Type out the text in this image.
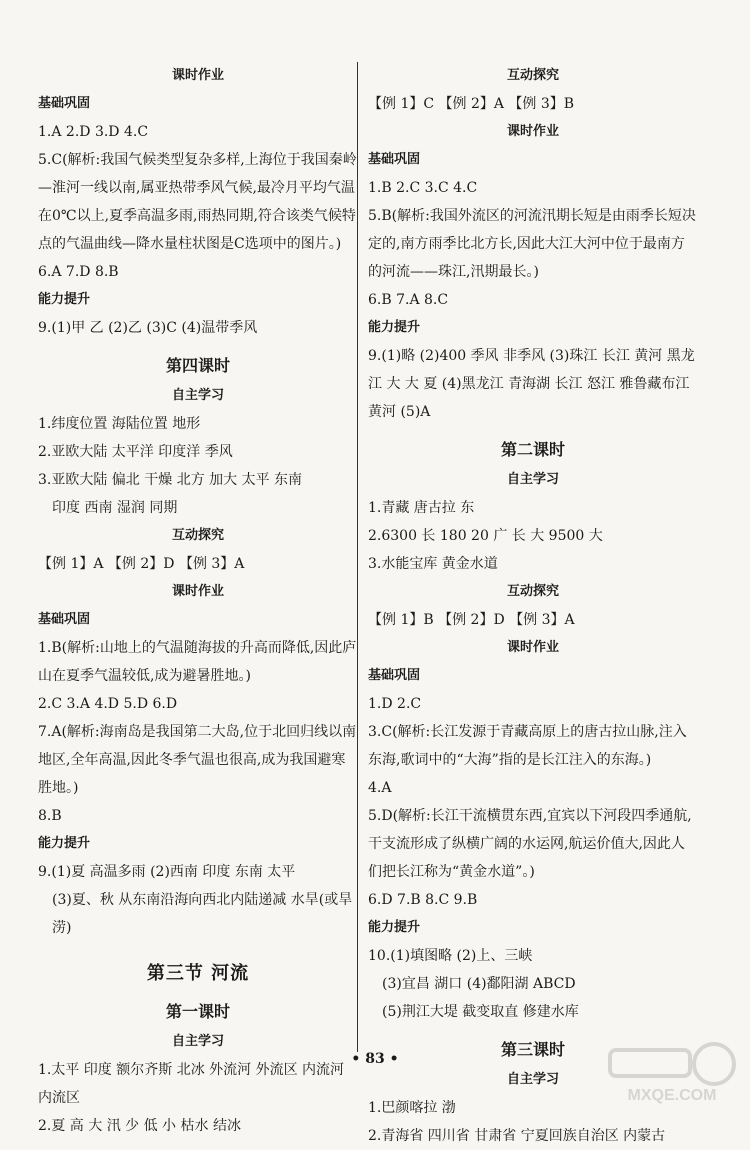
课时作业
基础巩固
1.A 2.D 3.D 4.C
5.C(解析:我国气候类型复杂多样,上海位于我国秦岭—淮河一线以南,属亚热带季风气候,最冷月平均气温在0℃以上,夏季高温多雨,雨热同期,符合该类气候特点的气温曲线—降水量柱状图是C选项中的图片。)
6.A 7.D 8.B
能力提升
9.(1)甲 乙 (2)乙 (3)C (4)温带季风
第四课时
自主学习
1.纬度位置 海陆位置 地形
2.亚欧大陆 太平洋 印度洋 季风
3.亚欧大陆 偏北 干燥 北方 加大 太平 东南
印度 西南 湿润 同期
互动探究
【例 1】A 【例 2】D 【例 3】A
课时作业
基础巩固
1.B(解析:山地上的气温随海拔的升高而降低,因此庐山在夏季气温较低,成为避暑胜地。)
2.C 3.A 4.D 5.D 6.D
7.A(解析:海南岛是我国第二大岛,位于北回归线以南地区,全年高温,因此冬季气温也很高,成为我国避寒胜地。)
8.B
能力提升
9.(1)夏 高温多雨 (2)西南 印度 东南 太平
(3)夏、秋 从东南沿海向西北内陆递减 水旱(或旱涝)
第三节 河流
第一课时
自主学习
1.太平 印度 额尔齐斯 北冰 外流河 外流区 内流河 内流区
2.夏 高 大 汛 少 低 小 枯水 结冰
互动探究
【例 1】C 【例 2】A 【例 3】B
课时作业
基础巩固
1.B 2.C 3.C 4.C
5.B(解析:我国外流区的河流汛期长短是由雨季长短决定的,南方雨季比北方长,因此大江大河中位于最南方的河流——珠江,汛期最长。)
6.B 7.A 8.C
能力提升
9.(1)略 (2)400 季风 非季风 (3)珠江 长江 黄河 黑龙江 大 大 夏 (4)黑龙江 青海湖 长江 怒江 雅鲁藏布江 黄河 (5)A
第二课时
自主学习
1.青藏 唐古拉 东
2.6300 长 180 20 广 长 大 9500 大
3.水能宝库 黄金水道
互动探究
【例 1】B 【例 2】D 【例 3】A
课时作业
基础巩固
1.D 2.C
3.C(解析:长江发源于青藏高原上的唐古拉山脉,注入东海,歌词中的“大海”指的是长江注入的东海。)
4.A
5.D(解析:长江干流横贯东西,宜宾以下河段四季通航,干支流形成了纵横广阔的水运网,航运价值大,因此人们把长江称为“黄金水道”。)
6.D 7.B 8.C 9.B
能力提升
10.(1)填图略 (2)上、三峡
(3)宜昌 湖口 (4)鄱阳湖 ABCD
(5)荆江大堤 截变取直 修建水库
第三课时
自主学习
1.巴颜喀拉 渤
2.青海省 四川省 甘肃省 宁夏回族自治区 内蒙古
• 83 •
MXQE.COM
